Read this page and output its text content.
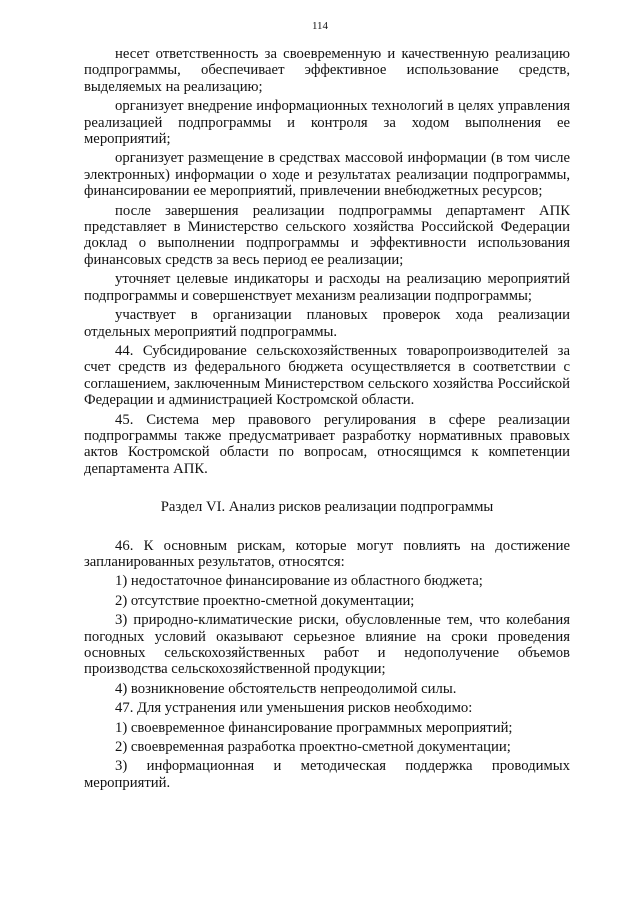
114

несет ответственность за своевременную и качественную реализацию подпрограммы, обеспечивает эффективное использование средств, выделяемых на реализацию;

организует внедрение информационных технологий в целях управления реализацией подпрограммы и контроля за ходом выполнения ее мероприятий;

организует размещение в средствах массовой информации (в том числе электронных) информации о ходе и результатах реализации подпрограммы, финансировании ее мероприятий, привлечении внебюджетных ресурсов;

после завершения реализации подпрограммы департамент АПК представляет в Министерство сельского хозяйства Российской Федерации доклад о выполнении подпрограммы и эффективности использования финансовых средств за весь период ее реализации;

уточняет целевые индикаторы и расходы на реализацию мероприятий подпрограммы и совершенствует механизм реализации подпрограммы;

участвует в организации плановых проверок хода реализации отдельных мероприятий подпрограммы.

44. Субсидирование сельскохозяйственных товаропроизводителей за счет средств из федерального бюджета осуществляется в соответствии с соглашением, заключенным Министерством сельского хозяйства Российской Федерации и администрацией Костромской области.

45. Система мер правового регулирования в сфере реализации подпрограммы также предусматривает разработку нормативных правовых актов Костромской области по вопросам, относящимся к компетенции департамента АПК.

Раздел VI. Анализ рисков реализации подпрограммы

46. К основным рискам, которые могут повлиять на достижение запланированных результатов, относятся:

1) недостаточное финансирование из областного бюджета;

2) отсутствие проектно-сметной документации;

3) природно-климатические риски, обусловленные тем, что колебания погодных условий оказывают серьезное влияние на сроки проведения основных сельскохозяйственных работ и недополучение объемов производства сельскохозяйственной продукции;

4) возникновение обстоятельств непреодолимой силы.

47. Для устранения или уменьшения рисков необходимо:

1) своевременное финансирование программных мероприятий;

2) своевременная разработка проектно-сметной документации;

3) информационная и методическая поддержка проводимых мероприятий.
